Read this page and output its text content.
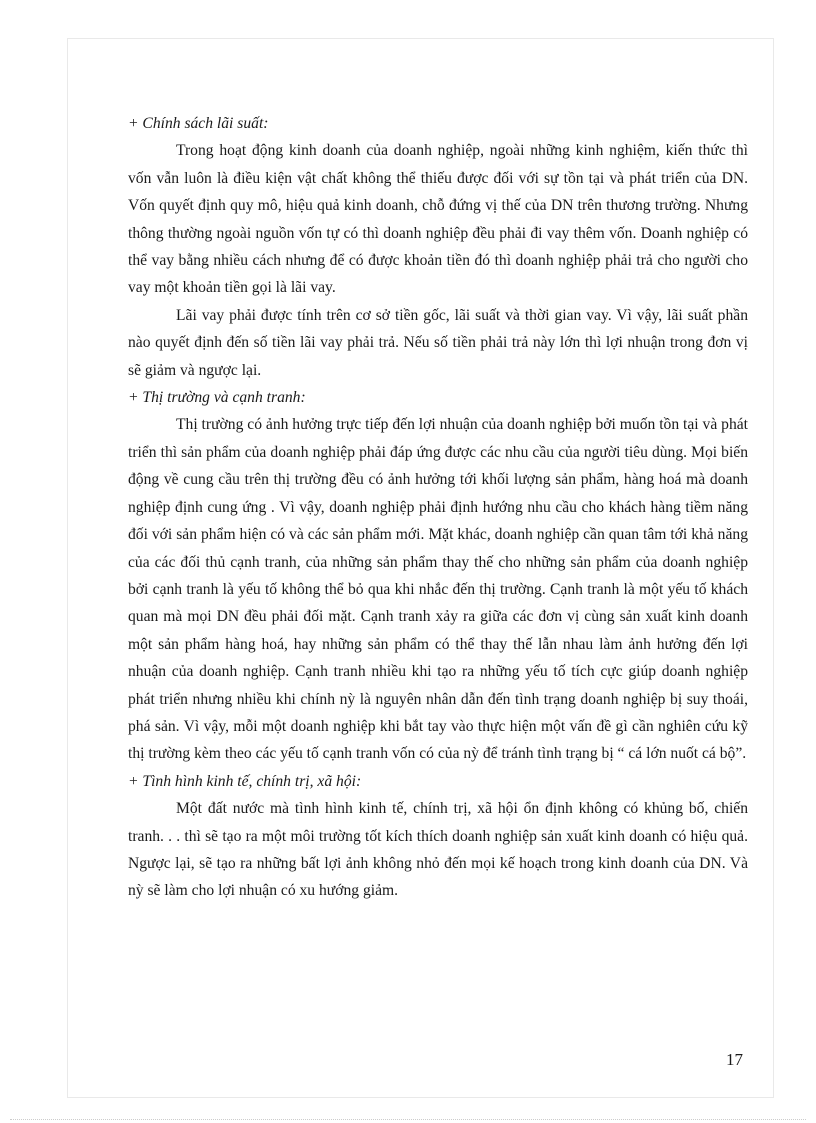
+ Chính sách lãi suất:

Trong hoạt động kinh doanh của doanh nghiệp, ngoài những kinh nghiệm, kiến thức thì vốn vẫn luôn là điều kiện vật chất không thể thiếu được đối với sự tồn tại và phát triển của DN. Vốn quyết định quy mô, hiệu quả kinh doanh, chỗ đứng vị thế của DN trên thương trường. Nhưng thông thường ngoài nguồn vốn tự có thì doanh nghiệp đều phải đi vay thêm vốn. Doanh nghiệp có thể vay bằng nhiều cách nhưng để có được khoản tiền đó thì doanh nghiệp phải trả cho người cho vay một khoản tiền gọi là lãi vay.

Lãi vay phải được tính trên cơ sở tiền gốc, lãi suất và thời gian vay. Vì vậy, lãi suất phần nào quyết định đến số tiền lãi vay phải trả. Nếu số tiền phải trả này lớn thì lợi nhuận trong đơn vị sẽ giảm và ngược lại.

+ Thị trường và cạnh tranh:

Thị trường có ảnh hưởng trực tiếp đến lợi nhuận của doanh nghiệp bởi muốn tồn tại và phát triển thì sản phẩm của doanh nghiệp phải đáp ứng được các nhu cầu của người tiêu dùng. Mọi biến động về cung cầu trên thị trường đều có ảnh hưởng tới khối lượng sản phẩm, hàng hoá mà doanh nghiệp định cung ứng . Vì vậy, doanh nghiệp phải định hướng nhu cầu cho khách hàng tiềm năng đối với sản phẩm hiện có và các sản phẩm mới. Mặt khác, doanh nghiệp cần quan tâm tới khả năng của các đối thủ cạnh tranh, của những sản phẩm thay thế cho những sản phẩm của doanh nghiệp bởi cạnh tranh là yếu tố không thể bỏ qua khi nhắc đến thị trường. Cạnh tranh là một yếu tố khách quan mà mọi DN đều phải đối mặt. Cạnh tranh xảy ra giữa các đơn vị cùng sản xuất kinh doanh một sản phẩm hàng hoá, hay những sản phẩm có thể thay thế lẫn nhau làm ảnh hưởng đến lợi nhuận của doanh nghiệp. Cạnh tranh nhiều khi tạo ra những yếu tố tích cực giúp doanh nghiệp phát triển nhưng nhiều khi chính nỳ là nguyên nhân dẫn đến tình trạng doanh nghiệp bị suy thoái, phá sản. Vì vậy, mỗi một doanh nghiệp khi bắt tay vào thực hiện một vấn đề gì cần nghiên cứu kỹ thị trường kèm theo các yếu tố cạnh tranh vốn có của nỳ để tránh tình trạng bị “ cá lớn nuốt cá bộ”.

+ Tình hình kinh tế, chính trị, xã hội:

Một đất nước mà tình hình kinh tế, chính trị, xã hội ổn định không có khủng bố, chiến tranh. . . thì sẽ tạo ra một môi trường tốt kích thích doanh nghiệp sản xuất kinh doanh có hiệu quả. Ngược lại, sẽ tạo ra những bất lợi ảnh không nhỏ đến mọi kế hoạch trong kinh doanh của DN. Và nỳ sẽ làm cho lợi nhuận có xu hướng giảm.

17
